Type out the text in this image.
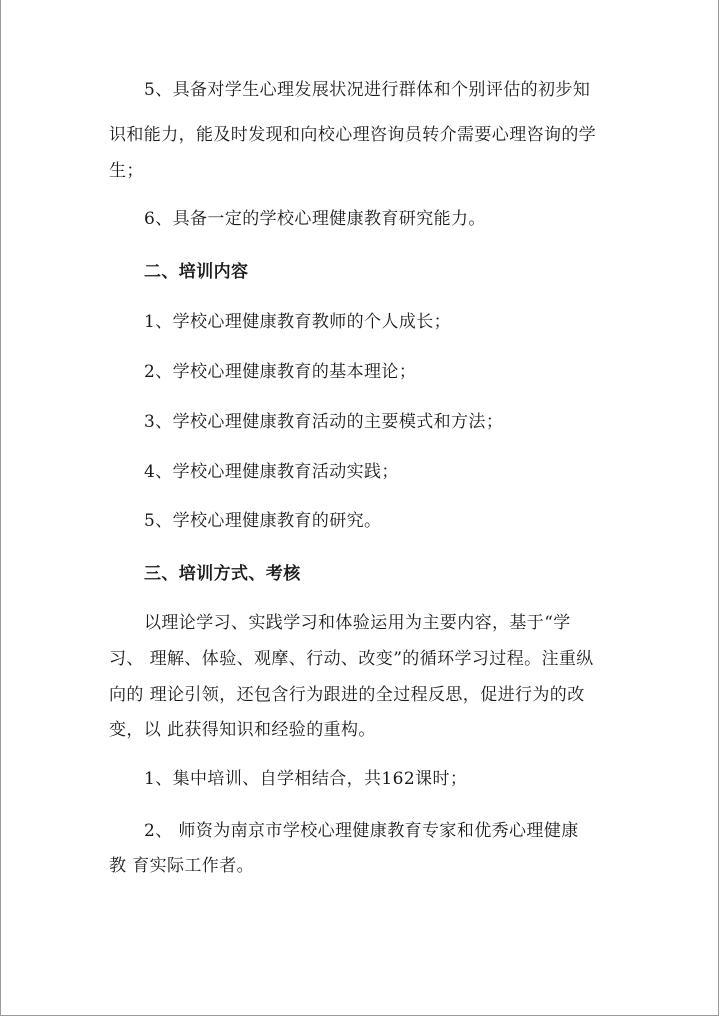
5、具备对学生心理发展状况进行群体和个别评估的初步知
识和能力，能及时发现和向校心理咨询员转介需要心理咨询的学
生；
6、具备一定的学校心理健康教育研究能力。
二、培训内容
1、学校心理健康教育教师的个人成长；
2、学校心理健康教育的基本理论；
3、学校心理健康教育活动的主要模式和方法；
4、学校心理健康教育活动实践；
5、学校心理健康教育的研究。
三、培训方式、考核
以理论学习、实践学习和体验运用为主要内容，基于“学
习、 理解、体验、观摩、行动、改变”的循环学习过程。注重纵
向的 理论引领，还包含行为跟进的全过程反思，促进行为的改
变，以 此获得知识和经验的重构。
1、集中培训、自学相结合，共162课时；
2、 师资为南京市学校心理健康教育专家和优秀心理健康
教 育实际工作者。
